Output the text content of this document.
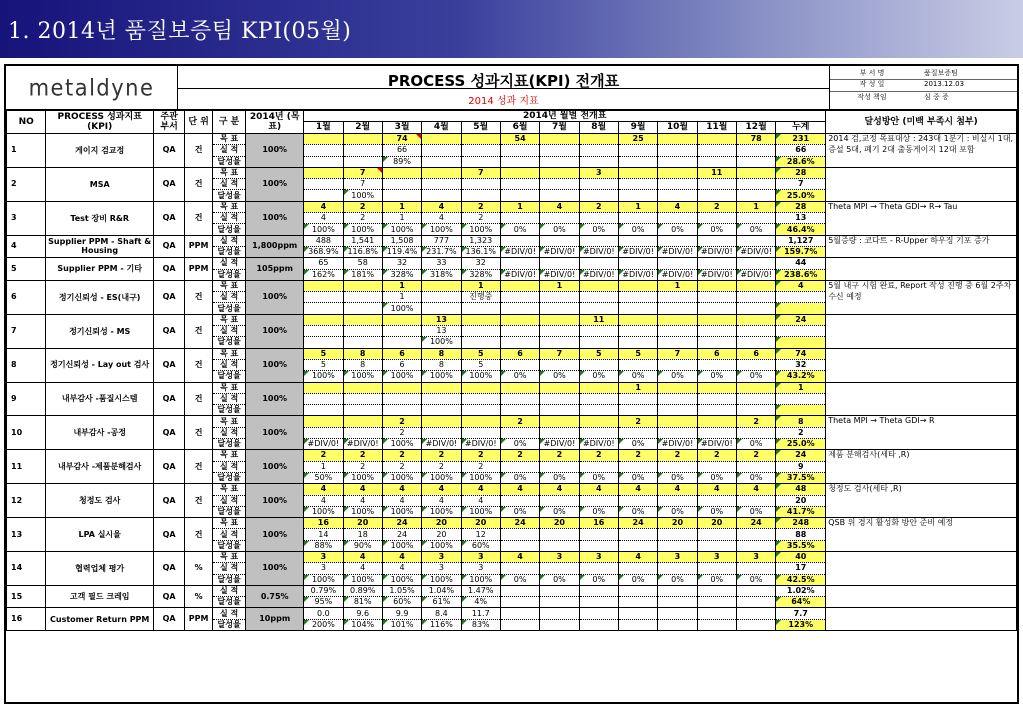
1. 2014년 품질보증팀 KPI(05월)
metaldyne	PROCESS 성과지표(KPI) 전개표
2014 성과 지표
부 서 명	품질보증팀
작 성 일	2013.12.03
작성 책임	심 중 증
NO	PROCESS 성과지표(KPI)	주관 부서	단 위	구 분	2014년 (목표)	2014년 월별 전개표													달성방안 (미백 부족시 첨부)
						1월	2월	3월	4월	5월	6월	7월	8월	9월	10월	11월	12월	누계	
1	게이지 검교정	QA	건	목 표	100%			74			54			25			78	231	2014 검,교정 목표대상 : 243대 1분기 : 비실시 1대, 증설 5대, 폐기 2대 출동게이지 12대 포함
				실 적				66										66	
				달성율				89%										28.6%	
2	MSA	QA	건	목 표	100%		7			7			3			11		28	
				실 적			7											7	
				달성율			100%											25.0%	
3	Test 장비 R&R	QA	건	목 표	100%	4	2	1	4	2	1	4	2	1	4	2	1	28	Theta MPI → Theta GDI→ R→ Tau
				실 적		4	2	1	4	2								13	
				달성율		100%	100%	100%	100%	100%	0%	0%	0%	0%	0%	0%	0%	46.4%	
4	Supplier PPM - Shaft & Housing	QA	PPM	실 적	1,800ppm	488	1,541	1,508	777	1,323								1,127	5월증량 : 코다트 - R-Upper 하우징 기포 증가
				달성율		368.9%	116.8%	119.4%	231.7%	136.1%	#DIV/0!	#DIV/0!	#DIV/0!	#DIV/0!	#DIV/0!	#DIV/0!	#DIV/0!	159.7%	
5	Supplier PPM - 기타	QA	PPM	실 적	105ppm	65	58	32	33	32								44	
				달성율		162%	181%	328%	318%	328%	#DIV/0!	#DIV/0!	#DIV/0!	#DIV/0!	#DIV/0!	#DIV/0!	#DIV/0!	238.6%	
6	정기신뢰성 - ES(내구)	QA	건	목 표	100%			1		1		1			1			4	5월 내구 시험 완료, Report 작성 진행 중 6월 2주차 수신 예정
				실 적				1		진행중									
				달성율				100%											
7	정기신뢰성 - MS	QA	건	목 표	100%				13				11					24	
				실 적					13										
				달성율					100%										
8	정기신뢰성 - Lay out 검사	QA	건	목 표	100%	5	8	6	8	5	6	7	5	5	7	6	6	74	
				실 적		5	8	6	8	5								32	
				달성율		100%	100%	100%	100%	100%	0%	0%	0%	0%	0%	0%	0%	43.2%	
9	내부감사 -품질시스템	QA	건	목 표	100%									1				1	
				실 적															
				달성율															
10	내부감사 -공정	QA	건	목 표	100%			2			2			2			2	8	Theta MPI → Theta GDI→ R
				실 적				2										2	
				달성율		#DIV/0!	#DIV/0!	100%	#DIV/0!	#DIV/0!	0%	#DIV/0!	#DIV/0!	0%	#DIV/0!	#DIV/0!	0%	25.0%	
11	내부감사 -제품분해검사	QA	건	목 표	100%	2	2	2	2	2	2	2	2	2	2	2	2	24	제품 분해검사(세타 ,R)
				실 적		1	2	2	2	2								9	
				달성율		50%	100%	100%	100%	100%	0%	0%	0%	0%	0%	0%	0%	37.5%	
12	청정도 검사	QA	건	목 표	100%	4	4	4	4	4	4	4	4	4	4	4	4	48	청정도 검사(세타 ,R)
				실 적		4	4	4	4	4								20	
				달성율		100%	100%	100%	100%	100%	0%	0%	0%	0%	0%	0%	0%	41.7%	
13	LPA 실시율	QA	건	목 표	100%	16	20	24	20	20	24	20	16	24	20	20	24	248	QSB 위 경지 활성화 방안 준비 예정
				실 적		14	18	24	20	12								88	
				달성율		88%	90%	100%	100%	60%								35.5%	
14	협력업체 평가	QA	%	목 표	100%	3	4	4	3	3	4	3	3	4	3	3	3	40	
				실 적		3	4	4	3	3								17	
				달성율		100%	100%	100%	100%	100%	0%	0%	0%	0%	0%	0%	0%	42.5%	
15	고객 필드 크레임	QA	%	실 적	0.75%	0.79%	0.89%	1.05%	1.04%	1.47%								1.02%	
				달성율		95%	81%	60%	61%	4%								64%	
16	Customer Return PPM	QA	PPM	실 적	10ppm	0.0	9.6	9.9	8.4	11.7								7.7	
				달성율		200%	104%	101%	116%	83%								123%	
